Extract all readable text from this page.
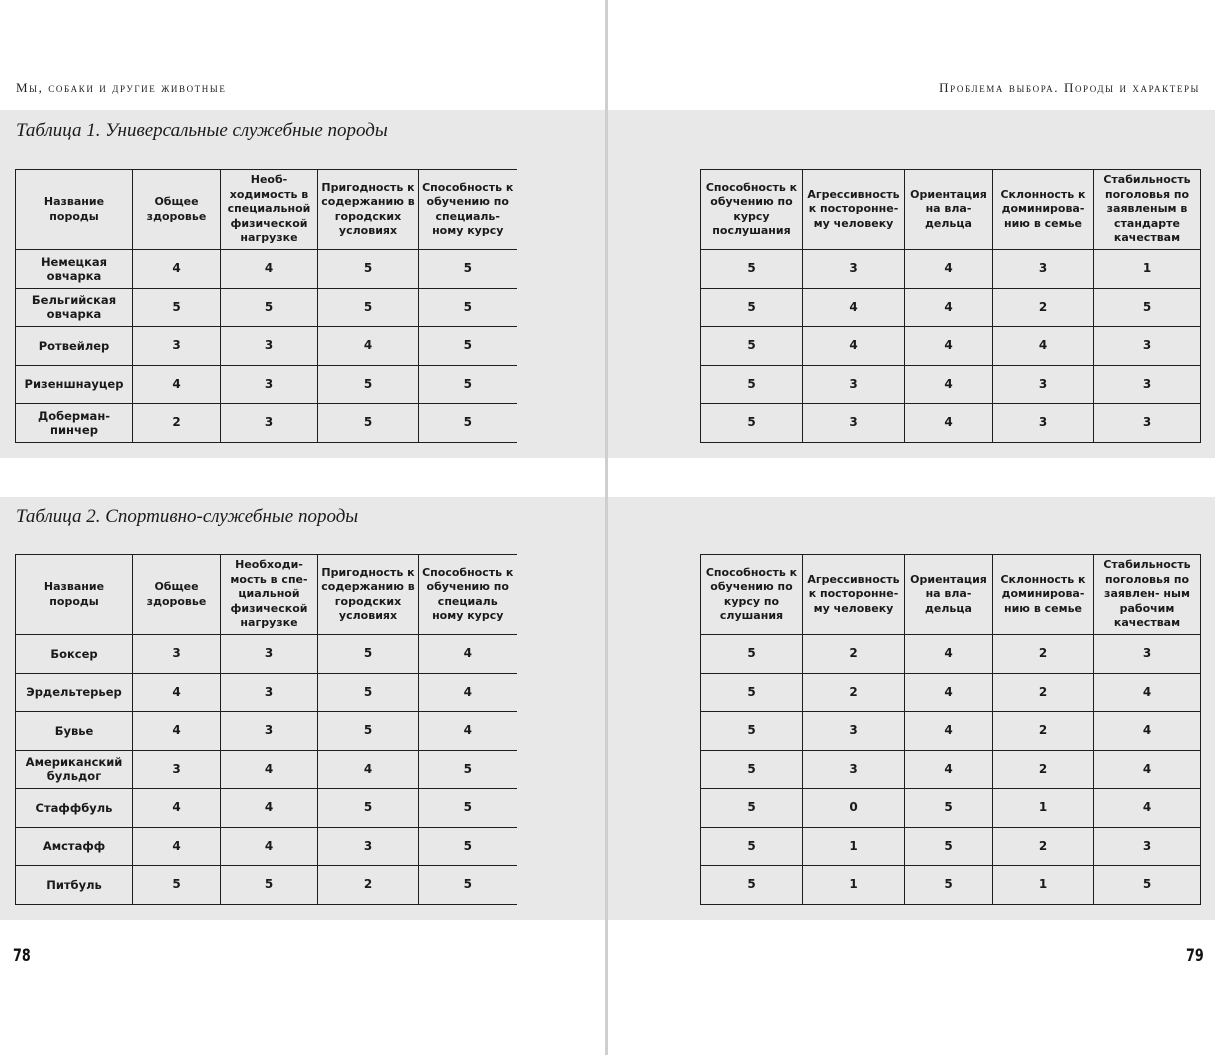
Мы, собаки и другие животные	Проблема выбора. Породы и характеры
Таблица 1. Универсальные служебные породы
Таблица 2. Спортивно-служебные породы
Название породы	Общее здоровье	Необ- ходимость в специальной физической нагрузке	Пригодность к содержанию в городских условиях	Способность к обучению по специаль- ному курсу
Немецкая овчарка	4	4	5	5
Бельгийская овчарка	5	5	5	5
Ротвейлер	3	3	4	5
Ризеншнауцер	4	3	5	5
Доберман- пинчер	2	3	5	5
Способность к обучению по курсу послушания	Агрессивность к посторонне- му человеку	Ориентация на вла- дельца	Склонность к доминирова- нию в семье	Стабильность поголовья по заявленым в стандарте качествам
5	3	4	3	1
5	4	4	2	5
5	4	4	4	3
5	3	4	3	3
5	3	4	3	3
Название породы	Общее здоровье	Необходи- мость в спе- циальной физической нагрузке	Пригодность к содержанию в городских условиях	Способность к обучению по специаль ному курсу
Боксер	3	3	5	4
Эрдельтерьер	4	3	5	4
Бувье	4	3	5	4
Американский бульдог	3	4	4	5
Стаффбуль	4	4	5	5
Амстафф	4	4	3	5
Питбуль	5	5	2	5
Способность к обучению по курсу по слушания	Агрессивность к посторонне- му человеку	Ориентация на вла- дельца	Склонность к доминирова- нию в семье	Стабильность поголовья по заявлен- ным рабочим качествам
5	2	4	2	3
5	2	4	2	4
5	3	4	2	4
5	3	4	2	4
5	0	5	1	4
5	1	5	2	3
5	1	5	1	5
78	79
